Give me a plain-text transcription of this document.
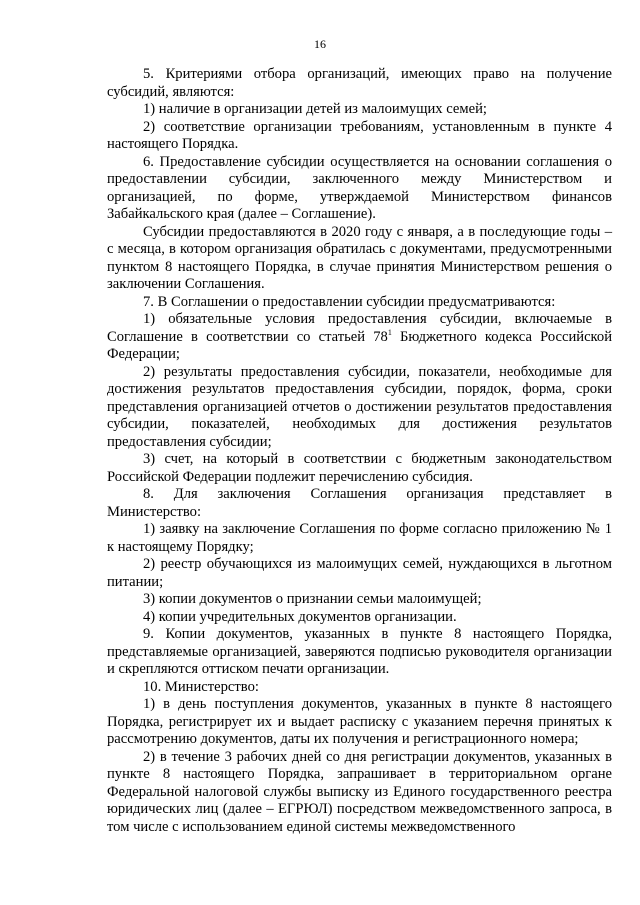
16

5. Критериями отбора организаций, имеющих право на получение субсидий, являются:

1) наличие в организации детей из малоимущих семей;

2) соответствие организации требованиям, установленным в пункте 4 настоящего Порядка.

6. Предоставление субсидии осуществляется на основании соглашения о предоставлении субсидии, заключенного между Министерством и организацией, по форме, утверждаемой Министерством финансов Забайкальского края (далее – Соглашение).

Субсидии предоставляются в 2020 году с января, а в последующие годы – с месяца, в котором организация обратилась с документами, предусмотренными пунктом 8 настоящего Порядка, в случае принятия Министерством решения о заключении Соглашения.

7. В Соглашении о предоставлении субсидии предусматриваются:

1) обязательные условия предоставления субсидии, включаемые в Соглашение в соответствии со статьей $78^1$ Бюджетного кодекса Российской Федерации;

2) результаты предоставления субсидии, показатели, необходимые для достижения результатов предоставления субсидии, порядок, форма, сроки представления организацией отчетов о достижении результатов предоставления субсидии, показателей, необходимых для достижения результатов предоставления субсидии;

3) счет, на который в соответствии с бюджетным законодательством Российской Федерации подлежит перечислению субсидия.

8. Для заключения Соглашения организация представляет в Министерство:

1) заявку на заключение Соглашения по форме согласно приложению № 1 к настоящему Порядку;

2) реестр обучающихся из малоимущих семей, нуждающихся в льготном питании;

3) копии документов о признании семьи малоимущей;

4) копии учредительных документов организации.

9. Копии документов, указанных в пункте 8 настоящего Порядка, представляемые организацией, заверяются подписью руководителя организации и скрепляются оттиском печати организации.

10. Министерство:

1) в день поступления документов, указанных в пункте 8 настоящего Порядка, регистрирует их и выдает расписку с указанием перечня принятых к рассмотрению документов, даты их получения и регистрационного номера;

2) в течение 3 рабочих дней со дня регистрации документов, указанных в пункте 8 настоящего Порядка, запрашивает в территориальном органе Федеральной налоговой службы выписку из Единого государственного реестра юридических лиц (далее – ЕГРЮЛ) посредством межведомственного запроса, в том числе с использованием единой системы межведомственного
